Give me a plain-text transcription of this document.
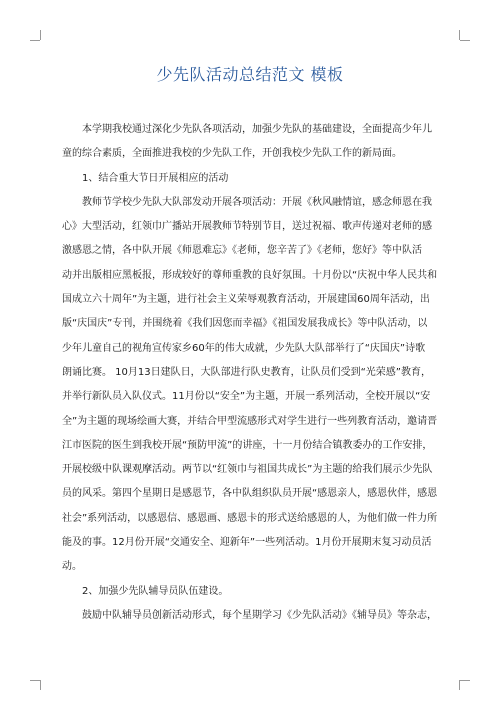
少先队活动总结范文 模板
本学期我校通过深化少先队各项活动，加强少先队的基础建设，全面提高少年儿
童的综合素质，全面推进我校的少先队工作，开创我校少先队工作的新局面。
1、结合重大节日开展相应的活动
教师节学校少先队大队部发动开展各项活动：开展《秋风融情谊，感念师恩在我
心》大型活动，红领巾广播站开展教师节特别节目，送过祝福、歌声传递对老师的感
激感恩之情，各中队开展《师恩难忘》《老师，您辛苦了》《老师，您好》等中队活
动并出版相应黑板报，形成较好的尊师重教的良好氛围。十月份以“庆祝中华人民共和
国成立六十周年”为主题，进行社会主义荣辱观教育活动，开展建国60周年活动，出
版“庆国庆”专刊，并围绕着《我们因您而幸福》《祖国发展我成长》等中队活动，以
少年儿童自己的视角宣传家乡60年的伟大成就，少先队大队部举行了“庆国庆”诗歌
朗诵比赛。 10月13日建队日，大队部进行队史教育，让队员们受到“光荣感”教育，
并举行新队员入队仪式。11月份以“安全”为主题，开展一系列活动，全校开展以“安
全”为主题的现场绘画大赛，并结合甲型流感形式对学生进行一些列教育活动，邀请晋
江市医院的医生到我校开展“预防甲流”的讲座，十一月份结合镇教委办的工作安排，
开展校级中队课观摩活动。两节以“红领巾与祖国共成长”为主题的给我们展示少先队
员的风采。第四个星期日是感恩节，各中队组织队员开展“感恩亲人，感恩伙伴，感恩
社会”系列活动，以感恩信、感恩画、感恩卡的形式送给感恩的人，为他们做一件力所
能及的事。12月份开展“交通安全、迎新年”一些列活动。1月份开展期末复习动员活
动。
2、加强少先队辅导员队伍建设。
鼓励中队辅导员创新活动形式，每个星期学习《少先队活动》《辅导员》等杂志，
